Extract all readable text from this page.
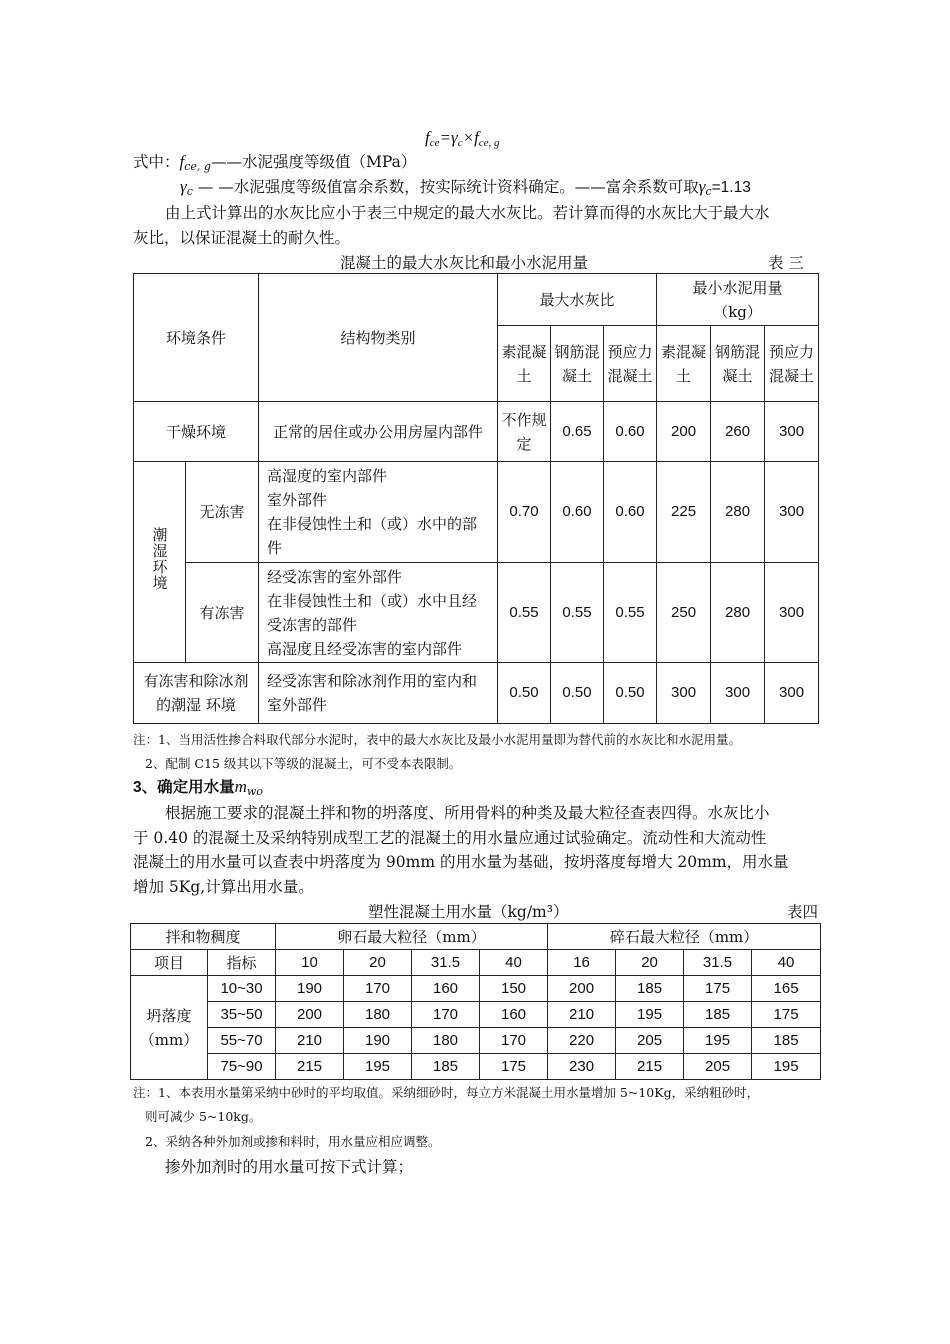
$f_{ce}=\gamma_c\times f_{ce, g}$
式中：$f_{ce, g}——$水泥强度等级值（MPa）
$\gamma_c$ — —水泥强度等级值富余系数，按实际统计资料确定。——富余系数可取$\gamma_c=1.13$
由上式计算出的水灰比应小于表三中规定的最大水灰比。若计算而得的水灰比大于最大水
灰比，以保证混凝土的耐久性。
混凝土的最大水灰比和最小水泥用量	表 三
环境条件		结构物类别	最大水灰比			最小水泥用量
（kg）		
			素混凝土	钢筋混凝土	预应力混凝土	素混凝土	钢筋混凝土	预应力混凝土
干燥环境		正常的居住或办公用房屋内部件	不作规定	0.65	0.60	200	260	300
潮湿环境	无冻害	高湿度的室内部件
室外部件
在非侵蚀性土和（或）水中的部件	0.70	0.60	0.60	225	280	300
	有冻害	经受冻害的室外部件
在非侵蚀性土和（或）水中且经受冻害的部件
高湿度且经受冻害的室内部件	0.55	0.55	0.55	250	280	300
有冻害和除冰剂的潮湿 环境		经受冻害和除冰剂作用的室内和室外部件	0.50	0.50	0.50	300	300	300
注：1、当用活性掺合料取代部分水泥时，表中的最大水灰比及最小水泥用量即为替代前的水灰比和水泥用量。
2、配制 C15 级其以下等级的混凝土，可不受本表限制。
3、确定用水量$m_{wo}$
根据施工要求的混凝土拌和物的坍落度、所用骨料的种类及最大粒径查表四得。水灰比小
于 0.40 的混凝土及采纳特别成型工艺的混凝土的用水量应通过试验确定。流动性和大流动性
混凝土的用水量可以查表中坍落度为 90mm 的用水量为基础，按坍落度每增大 20mm，用水量
增加 5Kg,计算出用水量。
塑性混凝土用水量（kg/m³）	表四
拌和物稠度		卵石最大粒径（mm）				碎石最大粒径（mm）			
项目	指标	10	20	31.5	40	16	20	31.5	40
坍落度
（mm）	10~30	190	170	160	150	200	185	175	165
	35~50	200	180	170	160	210	195	185	175
	55~70	210	190	180	170	220	205	195	185
	75~90	215	195	185	175	230	215	205	195
注：1、本表用水量第采纳中砂时的平均取值。采纳细砂时，每立方米混凝土用水量增加 5~10Kg，采纳粗砂时，
则可减少 5~10kg。
2、采纳各种外加剂或掺和料时，用水量应相应调整。
掺外加剂时的用水量可按下式计算；
